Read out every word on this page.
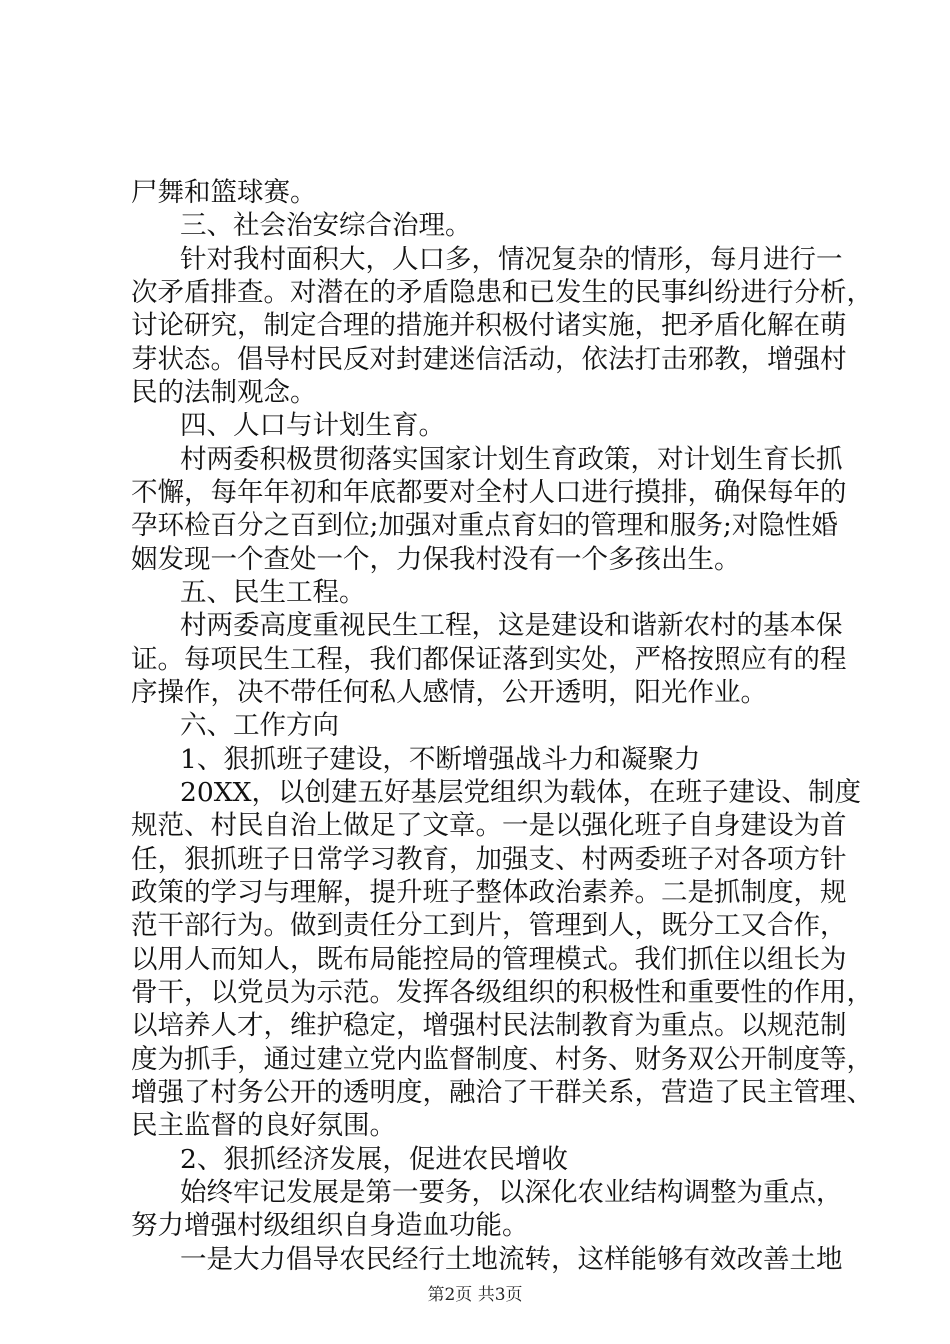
尸舞和篮球赛。
三、社会治安综合治理。
针对我村面积大，人口多，情况复杂的情形，每月进行一
次矛盾排查。对潜在的矛盾隐患和已发生的民事纠纷进行分析，
讨论研究，制定合理的措施并积极付诸实施，把矛盾化解在萌
芽状态。倡导村民反对封建迷信活动，依法打击邪教，增强村
民的法制观念。
四、人口与计划生育。
村两委积极贯彻落实国家计划生育政策，对计划生育长抓
不懈，每年年初和年底都要对全村人口进行摸排，确保每年的
孕环检百分之百到位;加强对重点育妇的管理和服务;对隐性婚
姻发现一个查处一个，力保我村没有一个多孩出生。
五、民生工程。
村两委高度重视民生工程，这是建设和谐新农村的基本保
证。每项民生工程，我们都保证落到实处，严格按照应有的程
序操作，决不带任何私人感情，公开透明，阳光作业。
六、工作方向
1、狠抓班子建设，不断增强战斗力和凝聚力
20XX，以创建五好基层党组织为载体，在班子建设、制度
规范、村民自治上做足了文章。一是以强化班子自身建设为首
任，狠抓班子日常学习教育，加强支、村两委班子对各项方针
政策的学习与理解，提升班子整体政治素养。二是抓制度，规
范干部行为。做到责任分工到片，管理到人，既分工又合作，
以用人而知人，既布局能控局的管理模式。我们抓住以组长为
骨干，以党员为示范。发挥各级组织的积极性和重要性的作用，
以培养人才，维护稳定，增强村民法制教育为重点。以规范制
度为抓手，通过建立党内监督制度、村务、财务双公开制度等，
增强了村务公开的透明度，融洽了干群关系，营造了民主管理、
民主监督的良好氛围。
2、狠抓经济发展，促进农民增收
始终牢记发展是第一要务，以深化农业结构调整为重点，
努力增强村级组织自身造血功能。
一是大力倡导农民经行土地流转，这样能够有效改善土地
第2页 共3页
